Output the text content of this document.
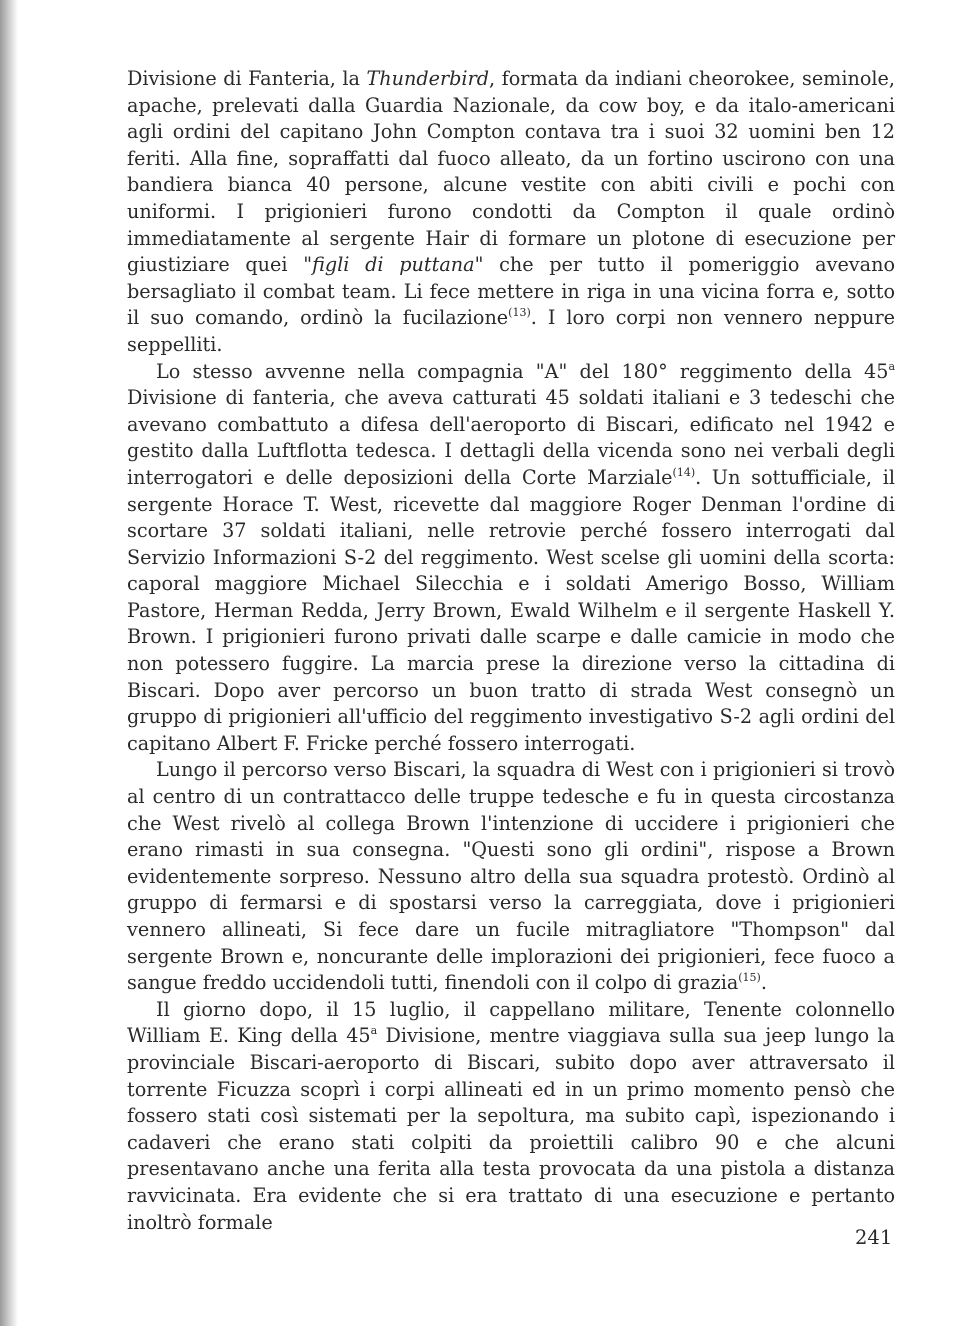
Divisione di Fanteria, la Thunderbird, formata da indiani cheorokee, seminole, apache, prelevati dalla Guardia Nazionale, da cow boy, e da italo-americani agli ordini del capitano John Compton contava tra i suoi 32 uomini ben 12 feriti. Alla fine, sopraffatti dal fuoco alleato, da un fortino uscirono con una bandiera bianca 40 persone, alcune vestite con abiti civili e pochi con uniformi. I prigionieri furono condotti da Compton il quale ordinò immediatamente al sergente Hair di formare un plotone di esecuzione per giustiziare quei "figli di puttana" che per tutto il pomeriggio avevano bersagliato il combat team. Li fece mettere in riga in una vicina forra e, sotto il suo comando, ordinò la fucilazione$^{(13)}$. I loro corpi non vennero neppure seppelliti.

Lo stesso avvenne nella compagnia "A" del 180° reggimento della 45$^a$ Divisione di fanteria, che aveva catturati 45 soldati italiani e 3 tedeschi che avevano combattuto a difesa dell'aeroporto di Biscari, edificato nel 1942 e gestito dalla Luftflotta tedesca. I dettagli della vicenda sono nei verbali degli interrogatori e delle deposizioni della Corte Marziale$^{(14)}$. Un sottufficiale, il sergente Horace T. West, ricevette dal maggiore Roger Denman l'ordine di scortare 37 soldati italiani, nelle retrovie perché fossero interrogati dal Servizio Informazioni S-2 del reggimento. West scelse gli uomini della scorta: caporal maggiore Michael Silecchia e i soldati Amerigo Bosso, William Pastore, Herman Redda, Jerry Brown, Ewald Wilhelm e il sergente Haskell Y. Brown. I prigionieri furono privati dalle scarpe e dalle camicie in modo che non potessero fuggire. La marcia prese la direzione verso la cittadina di Biscari. Dopo aver percorso un buon tratto di strada West consegnò un gruppo di prigionieri all'ufficio del reggimento investigativo S-2 agli ordini del capitano Albert F. Fricke perché fossero interrogati.

Lungo il percorso verso Biscari, la squadra di West con i prigionieri si trovò al centro di un contrattacco delle truppe tedesche e fu in questa circostanza che West rivelò al collega Brown l'intenzione di uccidere i prigionieri che erano rimasti in sua consegna. "Questi sono gli ordini", rispose a Brown evidentemente sorpreso. Nessuno altro della sua squadra protestò. Ordinò al gruppo di fermarsi e di spostarsi verso la carreggiata, dove i prigionieri vennero allineati, Si fece dare un fucile mitragliatore "Thompson" dal sergente Brown e, noncurante delle implorazioni dei prigionieri, fece fuoco a sangue freddo uccidendoli tutti, finendoli con il colpo di grazia$^{(15)}$.

Il giorno dopo, il 15 luglio, il cappellano militare, Tenente colonnello William E. King della 45$^a$ Divisione, mentre viaggiava sulla sua jeep lungo la provinciale Biscari-aeroporto di Biscari, subito dopo aver attraversato il torrente Ficuzza scoprì i corpi allineati ed in un primo momento pensò che fossero stati così sistemati per la sepoltura, ma subito capì, ispezionando i cadaveri che erano stati colpiti da proiettili calibro 90 e che alcuni presentavano anche una ferita alla testa provocata da una pistola a distanza ravvicinata. Era evidente che si era trattato di una esecuzione e pertanto inoltrò formale

241
